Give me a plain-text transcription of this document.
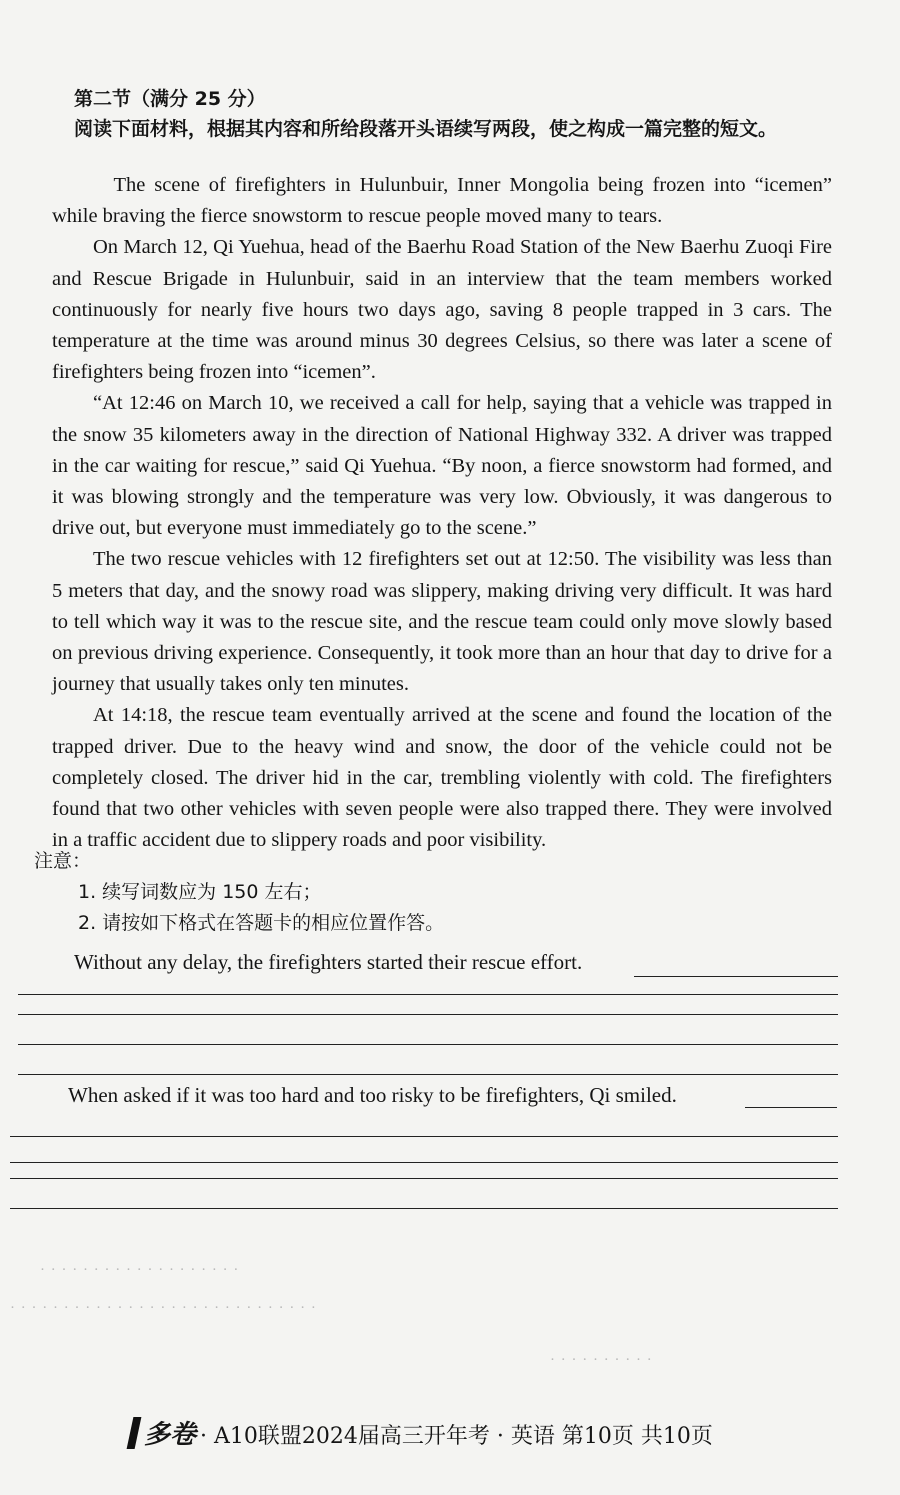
第二节（满分 25 分）
阅读下面材料，根据其内容和所给段落开头语续写两段，使之构成一篇完整的短文。

The scene of firefighters in Hulunbuir, Inner Mongolia being frozen into “icemen” while braving the fierce snowstorm to rescue people moved many to tears.

On March 12, Qi Yuehua, head of the Baerhu Road Station of the New Baerhu Zuoqi Fire and Rescue Brigade in Hulunbuir, said in an interview that the team members worked continuously for nearly five hours two days ago, saving 8 people trapped in 3 cars. The temperature at the time was around minus 30 degrees Celsius, so there was later a scene of firefighters being frozen into “icemen”.

“At 12:46 on March 10, we received a call for help, saying that a vehicle was trapped in the snow 35 kilometers away in the direction of National Highway 332. A driver was trapped in the car waiting for rescue,” said Qi Yuehua. “By noon, a fierce snowstorm had formed, and it was blowing strongly and the temperature was very low. Obviously, it was dangerous to drive out, but everyone must immediately go to the scene.”

The two rescue vehicles with 12 firefighters set out at 12:50. The visibility was less than 5 meters that day, and the snowy road was slippery, making driving very difficult. It was hard to tell which way it was to the rescue site, and the rescue team could only move slowly based on previous driving experience. Consequently, it took more than an hour that day to drive for a journey that usually takes only ten minutes.

At 14:18, the rescue team eventually arrived at the scene and found the location of the trapped driver. Due to the heavy wind and snow, the door of the vehicle could not be completely closed. The driver hid in the car, trembling violently with cold. The firefighters found that two other vehicles with seven people were also trapped there. They were involved in a traffic accident due to slippery roads and poor visibility.

注意：
1. 续写词数应为 150 左右；
2. 请按如下格式在答题卡的相应位置作答。
Without any delay, the firefighters started their rescue effort.
When asked if it was too hard and too risky to be firefighters, Qi smiled.
· · · · · · · · · · · · · · · · · · ·
· · · · · · · · · · · · · · · · · · · · · · · · · · · · ·
· · · · · · · · · ·
多卷 · A10联盟2024届高三开年考 · 英语 第10页 共10页
